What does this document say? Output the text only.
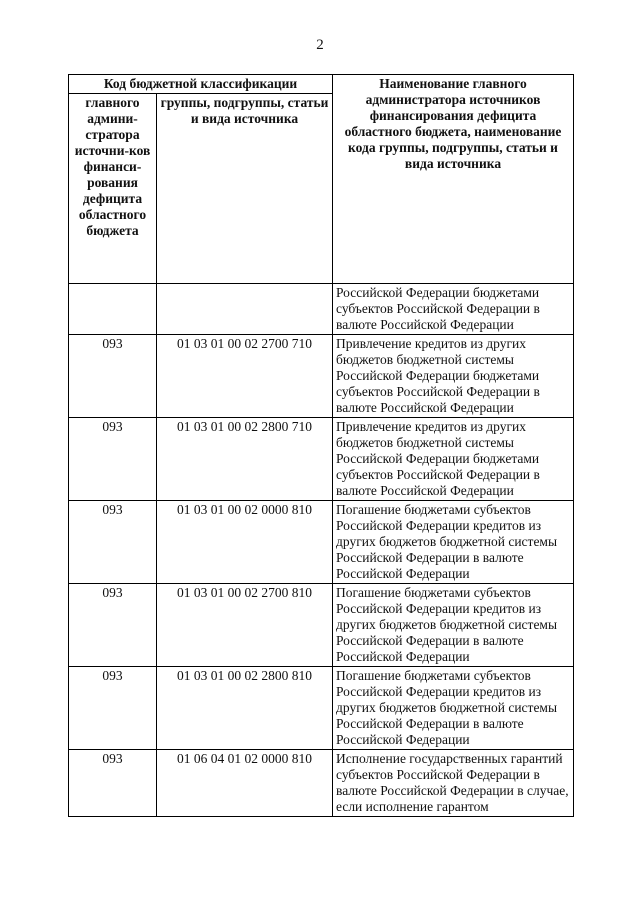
2
Код бюджетной классификации		Наименование главного администратора источников финансирования дефицита областного бюджета, наименование кода группы, подгруппы, статьи и вида источника
главного админи-стратора источни-ков финанси-рования дефицита областного бюджета	группы, подгруппы, статьи и вида источника	
		Российской Федерации бюджетами субъектов Российской Федерации в валюте Российской Федерации
093	01 03 01 00 02 2700 710	Привлечение кредитов из других бюджетов бюджетной системы Российской Федерации бюджетами субъектов Российской Федерации в валюте Российской Федерации
093	01 03 01 00 02 2800 710	Привлечение кредитов из других бюджетов бюджетной системы Российской Федерации бюджетами субъектов Российской Федерации в валюте Российской Федерации
093	01 03 01 00 02 0000 810	Погашение бюджетами субъектов Российской Федерации кредитов из других бюджетов бюджетной системы Российской Федерации в валюте Российской Федерации
093	01 03 01 00 02 2700 810	Погашение бюджетами субъектов Российской Федерации кредитов из других бюджетов бюджетной системы Российской Федерации в валюте Российской Федерации
093	01 03 01 00 02 2800 810	Погашение бюджетами субъектов Российской Федерации кредитов из других бюджетов бюджетной системы Российской Федерации в валюте Российской Федерации
093	01 06 04 01 02 0000 810	Исполнение государственных гарантий субъектов Российской Федерации в валюте Российской Федерации в случае, если исполнение гарантом
